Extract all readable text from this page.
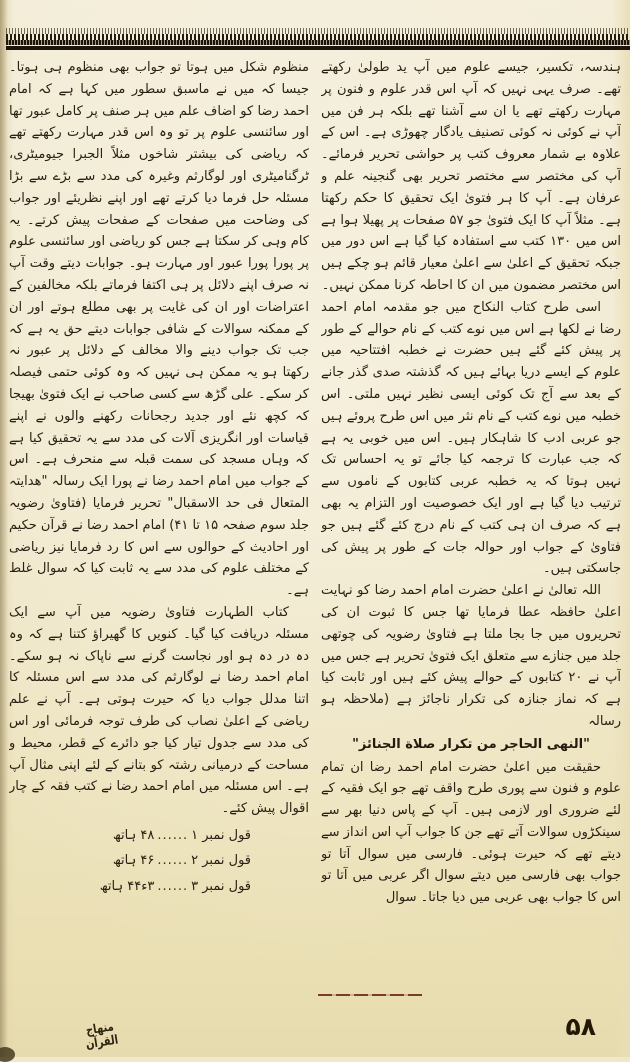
ہندسہ، تکسیر، جیسے علوم میں آپ ید طولیٰ رکھتے تھے۔ صرف یہی نہیں کہ آپ اس قدر علوم و فنون پر مہارت رکھتے تھے یا ان سے آشنا تھے بلکہ ہر فن میں آپ نے کوئی نہ کوئی تصنیف یادگار چھوڑی ہے۔ اس کے علاوہ بے شمار معروف کتب پر حواشی تحریر فرمائے۔ آپ کی مختصر سے مختصر تحریر بھی گنجینہ علم و عرفان ہے۔ آپ کا ہر فتویٰ ایک تحقیق کا حکم رکھتا ہے۔ مثلاً آپ کا ایک فتویٰ جو ۵۷ صفحات پر پھیلا ہوا ہے اس میں ۱۳۰ کتب سے استفادہ کیا گیا ہے اس دور میں جبکہ تحقیق کے اعلیٰ سے اعلیٰ معیار قائم ہو چکے ہیں اس مختصر مضمون میں ان کا احاطہ کرنا ممکن نہیں۔

اسی طرح کتاب النکاح میں جو مقدمہ امام احمد رضا نے لکھا ہے اس میں نوے کتب کے نام حوالے کے طور پر پیش کئے گئے ہیں حضرت نے خطبہ افتتاحیہ میں علوم کے ایسے دریا بہائے ہیں کہ گذشتہ صدی گذر جانے کے بعد سے آج تک کوئی ایسی نظیر نہیں ملتی۔ اس خطبہ میں نوے کتب کے نام نثر میں اس طرح پروئے ہیں جو عربی ادب کا شاہکار ہیں۔ اس میں خوبی یہ ہے کہ جب عبارت کا ترجمہ کیا جائے تو یہ احساس تک نہیں ہوتا کہ یہ خطبہ عربی کتابوں کے ناموں سے ترتیب دیا گیا ہے اور ایک خصوصیت اور التزام یہ بھی ہے کہ صرف ان ہی کتب کے نام درج کئے گئے ہیں جو فتاویٰ کے جواب اور حوالہ جات کے طور پر پیش کی جاسکتی ہیں۔

اللہ تعالیٰ نے اعلیٰ حضرت امام احمد رضا کو نہایت اعلیٰ حافظہ عطا فرمایا تھا جس کا ثبوت ان کی تحریروں میں جا بجا ملتا ہے فتاویٰ رضویہ کی چوتھی جلد میں جنازے سے متعلق ایک فتویٰ تحریر ہے جس میں آپ نے ۲۰ کتابوں کے حوالے پیش کئے ہیں اور ثابت کیا ہے کہ نماز جنازہ کی تکرار ناجائز ہے (ملاحظہ ہو رسالہ

"النهى الحاجر من تكرار صلاة الجنائز"

حقیقت میں اعلیٰ حضرت امام احمد رضا ان تمام علوم و فنون سے پوری طرح واقف تھے جو ایک فقیہ کے لئے ضروری اور لازمی ہیں۔ آپ کے پاس دنیا بھر سے سینکڑوں سوالات آتے تھے جن کا جواب آپ اس انداز سے دیتے تھے کہ حیرت ہوئی۔ فارسی میں سوال آتا تو جواب بھی فارسی میں دیتے سوال اگر عربی میں آتا تو اس کا جواب بھی عربی میں دیا جاتا۔ سوال

منظوم شکل میں ہوتا تو جواب بھی منظوم ہی ہوتا۔ جیسا کہ میں نے ماسبق سطور میں کہا ہے کہ امام احمد رضا کو اضاف علم میں ہر صنف پر کامل عبور تھا اور سائنسی علوم پر تو وہ اس قدر مہارت رکھتے تھے کہ ریاضی کی بیشتر شاخوں مثلاً الجبرا جیومیٹری، ٹرگنامیٹری اور لوگارثم وغیرہ کی مدد سے بڑے سے بڑا مسئلہ حل فرما دیا کرتے تھے اور اپنے نظریئے اور جواب کی وضاحت میں صفحات کے صفحات پیش کرتے۔ یہ کام وہی کر سکتا ہے جس کو ریاضی اور سائنسی علوم پر پورا پورا عبور اور مہارت ہو۔ جوابات دیتے وقت آپ نہ صرف اپنے دلائل پر ہی اکتفا فرماتے بلکہ مخالفین کے اعتراضات اور ان کی غایت پر بھی مطلع ہوتے اور ان کے ممکنہ سوالات کے شافی جوابات دیتے حق یہ ہے کہ جب تک جواب دینے والا مخالف کے دلائل پر عبور نہ رکھتا ہو یہ ممکن ہی نہیں کہ وہ کوئی حتمی فیصلہ کر سکے۔ علی گڑھ سے کسی صاحب نے ایک فتویٰ بھیجا کہ کچھ نئے اور جدید رجحانات رکھنے والوں نے اپنے قیاسات اور انگریزی آلات کی مدد سے یہ تحقیق کیا ہے کہ وہاں مسجد کی سمت قبلہ سے منحرف ہے۔ اس کے جواب میں امام احمد رضا نے پورا ایک رسالہ "ھدایتہ المتعال فی حد الاسقبال" تحریر فرمایا (فتاویٰ رضویہ جلد سوم صفحہ ۱۵ تا ۴۱) امام احمد رضا نے قرآن حکیم اور احادیث کے حوالوں سے اس کا رد فرمایا نیز ریاضی کے مختلف علوم کی مدد سے یہ ثابت کیا کہ سوال غلط ہے۔

کتاب الطہارت فتاویٰ رضویہ میں آپ سے ایک مسئلہ دریافت کیا گیا۔ کنویں کا گھیراؤ کتنا ہے کہ وہ دہ در دہ ہو اور نجاست گرنے سے ناپاک نہ ہو سکے۔ امام احمد رضا نے لوگارثم کی مدد سے اس مسئلہ کا اتنا مدلل جواب دیا کہ حیرت ہوتی ہے۔ آپ نے علم ریاضی کے اعلیٰ نصاب کی طرف توجہ فرمائی اور اس کی مدد سے جدول تیار کیا جو دائرے کے قطر، محیط و مساحت کے درمیانی رشتہ کو بتانے کے لئے اپنی مثال آپ ہے۔ اس مسئلہ میں امام احمد رضا نے کتب فقہ کے چار اقوال پیش کئے۔

قول نمبر ۱
......
۴۸ ہاتھ
قول نمبر ۲
......
۴۶ ہاتھ
قول نمبر ۳
......
۳ء۴۴ ہاتھ
منهاج القرآن
۵۸
